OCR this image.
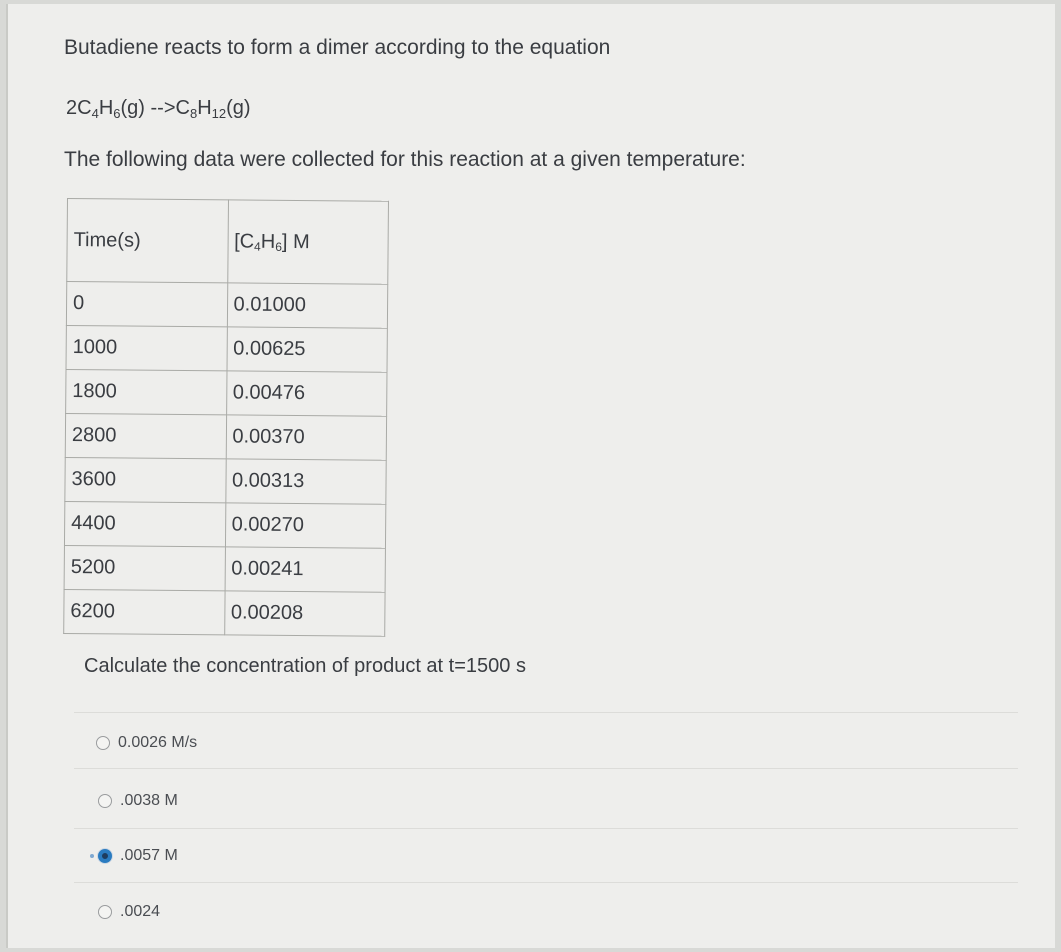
Butadiene reacts to form a dimer according to the equation
$2C_4H_6(g)$ $-->C_8H_{12}(g)$
The following data were collected for this reaction at a given temperature:
Time(s)	$[C_4H_6]$ M
0	0.01000
1000	0.00625
1800	0.00476
2800	0.00370
3600	0.00313
4400	0.00270
5200	0.00241
6200	0.00208
Calculate the concentration of product at t=1500 s
0.0026 M/s
.0038 M
.0057 M
.0024
